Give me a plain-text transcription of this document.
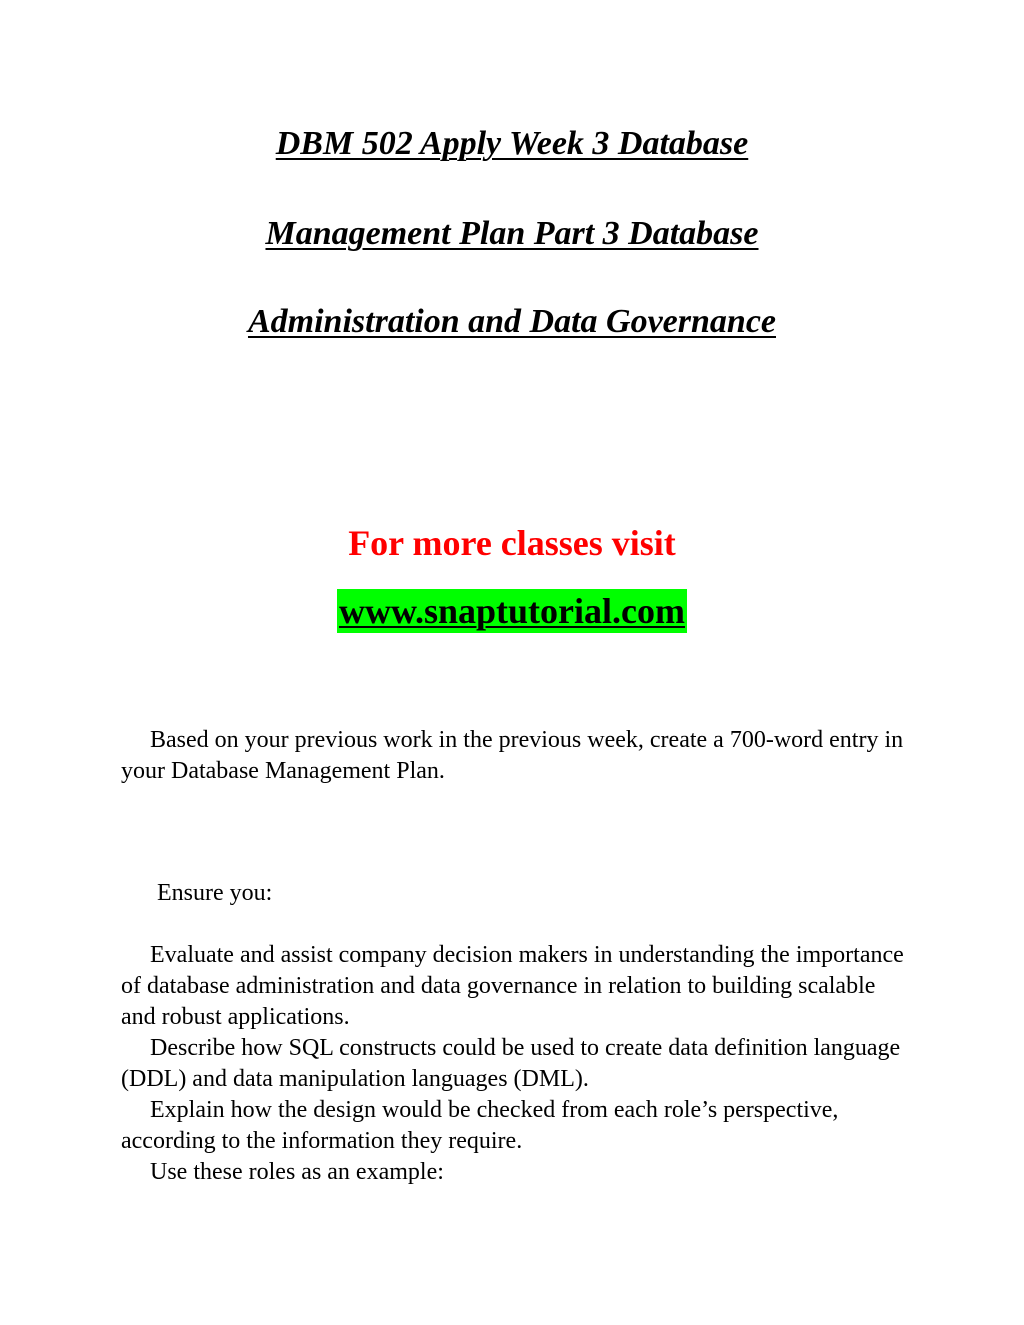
DBM 502 Apply Week 3 Database
Management Plan Part 3 Database
Administration and Data Governance
For more classes visit
www.snaptutorial.com

Based on your previous work in the previous week, create a 700-word entry in your Database Management Plan.

Ensure you:

Evaluate and assist company decision makers in understanding the importance of database administration and data governance in relation to building scalable and robust applications.

Describe how SQL constructs could be used to create data definition language (DDL) and data manipulation languages (DML).

Explain how the design would be checked from each role’s perspective, according to the information they require.

Use these roles as an example:
